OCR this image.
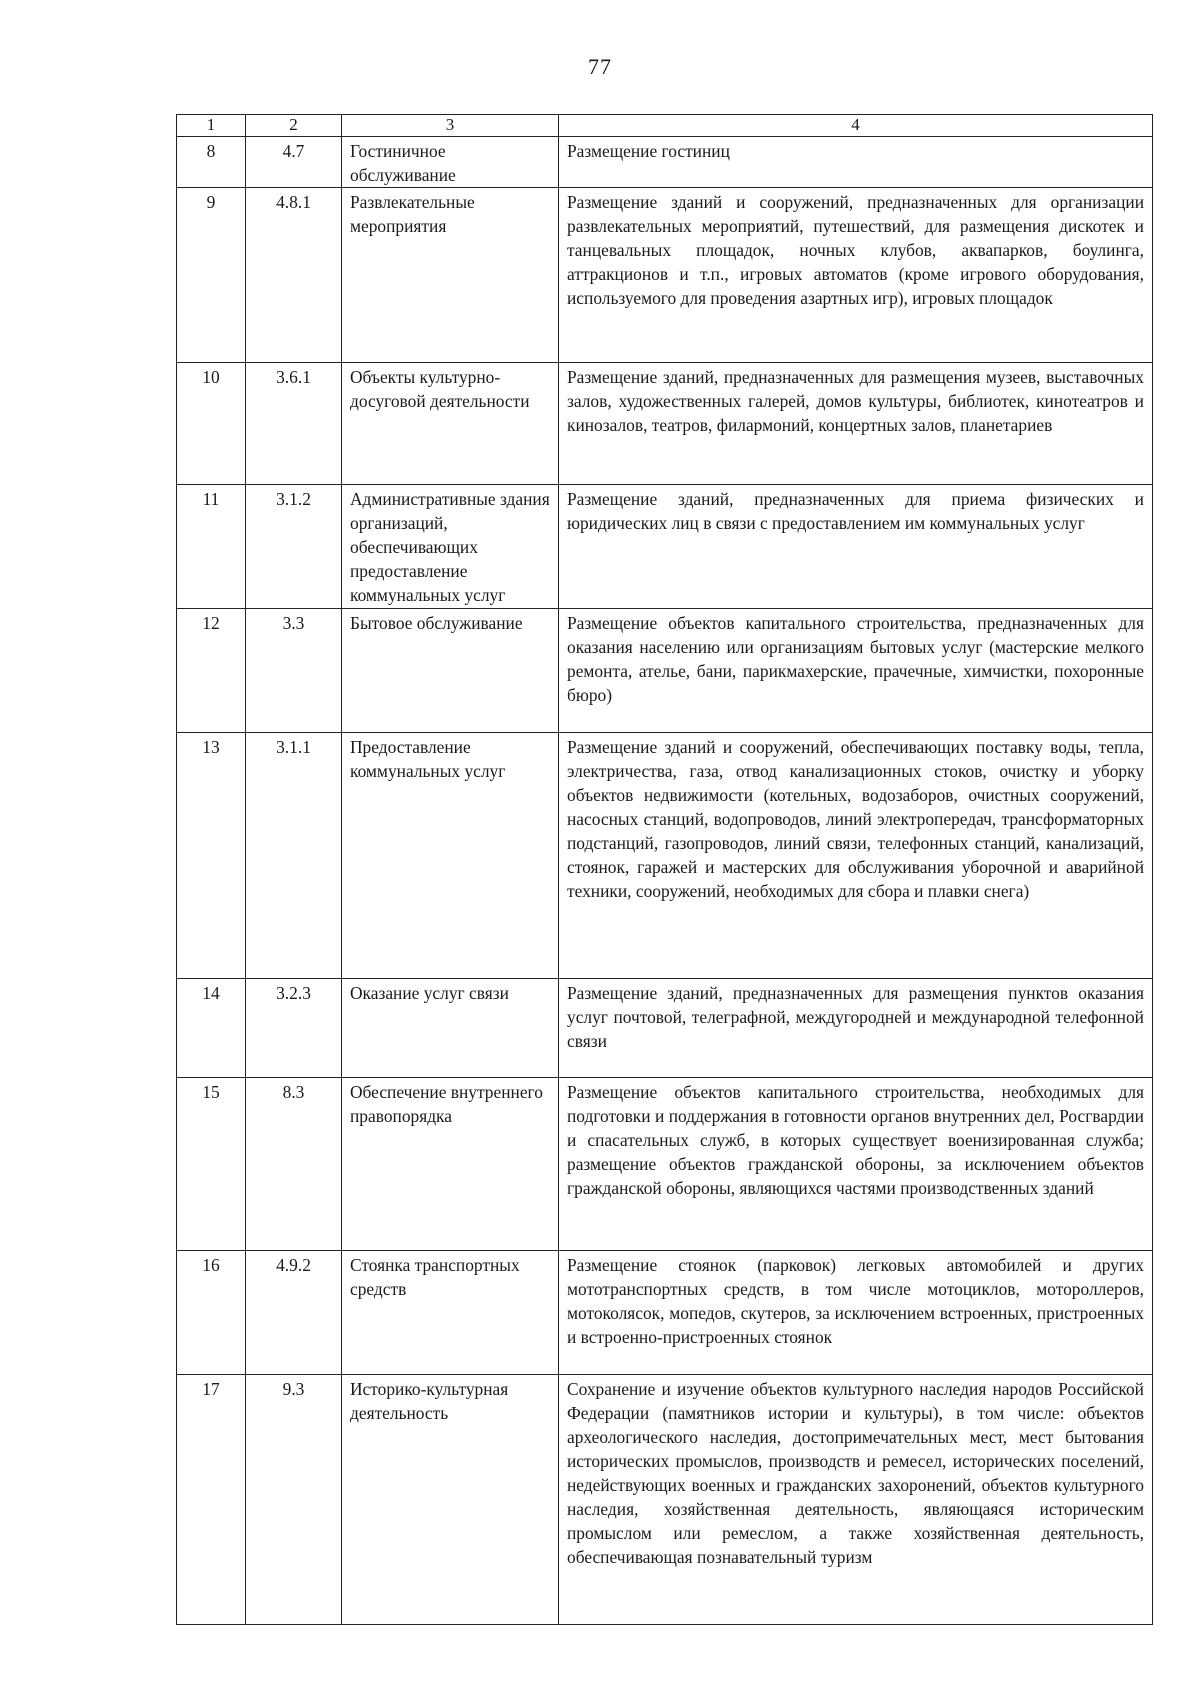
77
1	2	3	4
8	4.7	Гостиничное обслуживание	Размещение гостиниц
9	4.8.1	Развлекательные мероприятия	Размещение зданий и сооружений, предназначенных для организации развлекательных мероприятий, путешествий, для размещения дискотек и танцевальных площадок, ночных клубов, аквапарков, боулинга, аттракционов и т.п., игровых автоматов (кроме игрового оборудования, используемого для проведения азартных игр), игровых площадок
10	3.6.1	Объекты культурно-досуговой деятельности	Размещение зданий, предназначенных для размещения музеев, выставочных залов, художественных галерей, домов культуры, библиотек, кинотеатров и кинозалов, театров, филармоний, концертных залов, планетариев
11	3.1.2	Административные здания организаций, обеспечивающих предоставление коммунальных услуг	Размещение зданий, предназначенных для приема физических и юридических лиц в связи с предоставлением им коммунальных услуг
12	3.3	Бытовое обслуживание	Размещение объектов капитального строительства, предназначенных для оказания населению или организациям бытовых услуг (мастерские мелкого ремонта, ателье, бани, парикмахерские, прачечные, химчистки, похоронные бюро)
13	3.1.1	Предоставление коммунальных услуг	Размещение зданий и сооружений, обеспечивающих поставку воды, тепла, электричества, газа, отвод канализационных стоков, очистку и уборку объектов недвижимости (котельных, водозаборов, очистных сооружений, насосных станций, водопроводов, линий электропередач, трансформаторных подстанций, газопроводов, линий связи, телефонных станций, канализаций, стоянок, гаражей и мастерских для обслуживания уборочной и аварийной техники, сооружений, необходимых для сбора и плавки снега)
14	3.2.3	Оказание услуг связи	Размещение зданий, предназначенных для размещения пунктов оказания услуг почтовой, телеграфной, междугородней и международной телефонной связи
15	8.3	Обеспечение внутреннего правопорядка	Размещение объектов капитального строительства, необходимых для подготовки и поддержания в готовности органов внутренних дел, Росгвардии и спасательных служб, в которых существует военизированная служба; размещение объектов гражданской обороны, за исключением объектов гражданской обороны, являющихся частями производственных зданий
16	4.9.2	Стоянка транспортных средств	Размещение стоянок (парковок) легковых автомобилей и других мототранспортных средств, в том числе мотоциклов, мотороллеров, мотоколясок, мопедов, скутеров, за исключением встроенных, пристроенных и встроенно-пристроенных стоянок
17	9.3	Историко-культурная деятельность	Сохранение и изучение объектов культурного наследия народов Российской Федерации (памятников истории и культуры), в том числе: объектов археологического наследия, достопримечательных мест, мест бытования исторических промыслов, производств и ремесел, исторических поселений, недействующих военных и гражданских захоронений, объектов культурного наследия, хозяйственная деятельность, являющаяся историческим промыслом или ремеслом, а также хозяйственная деятельность, обеспечивающая познавательный туризм
